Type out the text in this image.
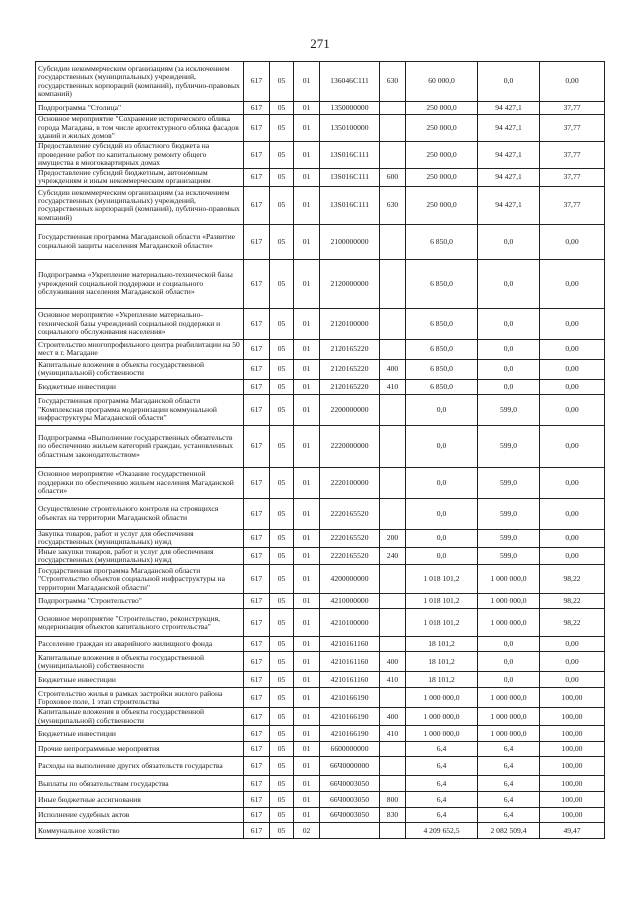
271
Субсидии некоммерческим организациям (за исключением государственных (муниципальных) учреждений, государственных корпораций (компаний), публично-правовых компаний)	617	05	01	136046С111	630	60 000,0	0,0	0,00
Подпрограмма "Столица"	617	05	01	1350000000		250 000,0	94 427,1	37,77
Основное мероприятие "Сохранение исторического облика города Магадана, в том числе архитектурного облика фасадов зданий и жилых домов"	617	05	01	1350100000		250 000,0	94 427,1	37,77
Предоставление субсидий из областного бюджета на проведение работ по капитальному ремонту общего имущества в многоквартирных домах	617	05	01	13S016C111		250 000,0	94 427,1	37,77
Предоставление субсидий бюджетным, автономным учреждениям и иным некоммерческим организациям	617	05	01	13S016C111	600	250 000,0	94 427,1	37,77
Субсидии некоммерческим организациям (за исключением государственных (муниципальных) учреждений, государственных корпораций (компаний), публично-правовых компаний)	617	05	01	13S016C111	630	250 000,0	94 427,1	37,77
Государственная программа Магаданской области «Развитие социальной защиты населения Магаданской области»	617	05	01	2100000000		6 850,0	0,0	0,00
Подпрограмма «Укрепление материально-технической базы учреждений социальной поддержки и социального обслуживания населения Магаданской области»	617	05	01	2120000000		6 850,0	0,0	0,00
Основное мероприятие «Укрепление материально-технической базы учреждений социальной поддержки и социального обслуживания населения»	617	05	01	2120100000		6 850,0	0,0	0,00
Строительство многопрофильного центра реабилитации на 50 мест в г. Магадане	617	05	01	2120165220		6 850,0	0,0	0,00
Капитальные вложения в объекты государственной (муниципальной) собственности	617	05	01	2120165220	400	6 850,0	0,0	0,00
Бюджетные инвестиции	617	05	01	2120165220	410	6 850,0	0,0	0,00
Государственная программа Магаданской области "Комплексная программа модернизации коммунальной инфраструктуры Магаданской области"	617	05	01	2200000000		0,0	599,0	0,00
Подпрограмма «Выполнение государственных обязательств по обеспечению жильем категорий граждан, установленных областным законодательством»	617	05	01	2220000000		0,0	599,0	0,00
Основное мероприятие «Оказание государственной поддержки по обеспечению жильем населения Магаданской области»	617	05	01	2220100000		0,0	599,0	0,00
Осуществление строительного контроля на строящихся объектах на территории Магаданской области	617	05	01	2220165520		0,0	599,0	0,00
Закупка товаров, работ и услуг для обеспечения государственных (муниципальных) нужд	617	05	01	2220165520	200	0,0	599,0	0,00
Иные закупки товаров, работ и услуг для обеспечения государственных (муниципальных) нужд	617	05	01	2220165520	240	0,0	599,0	0,00
Государственная программа Магаданской области "Строительство объектов социальной инфраструктуры на территории Магаданской области"	617	05	01	4200000000		1 018 101,2	1 000 000,0	98,22
Подпрограмма "Строительство"	617	05	01	4210000000		1 018 101,2	1 000 000,0	98,22
Основное мероприятие "Строительство, реконструкция, модернизация объектов капитального строительства"	617	05	01	4210100000		1 018 101,2	1 000 000,0	98,22
Расселение граждан из аварийного жилищного фонда	617	05	01	4210161160		18 101,2	0,0	0,00
Капитальные вложения в объекты государственной (муниципальной) собственности	617	05	01	4210161160	400	18 101,2	0,0	0,00
Бюджетные инвестиции	617	05	01	4210161160	410	18 101,2	0,0	0,00
Строительство жилья в рамках застройки жилого района Гороховое поле, 1 этап строительства	617	05	01	4210166190		1 000 000,0	1 000 000,0	100,00
Капитальные вложения в объекты государственной (муниципальной) собственности	617	05	01	4210166190	400	1 000 000,0	1 000 000,0	100,00
Бюджетные инвестиции	617	05	01	4210166190	410	1 000 000,0	1 000 000,0	100,00
Прочие непрограммные мероприятия	617	05	01	6600000000		6,4	6,4	100,00
Расходы на выполнение других обязательств государства	617	05	01	66Ч0000000		6,4	6,4	100,00
Выплаты по обязательствам государства	617	05	01	66Ч0003050		6,4	6,4	100,00
Иные бюджетные ассигнования	617	05	01	66Ч0003050	800	6,4	6,4	100,00
Исполнение судебных актов	617	05	01	66Ч0003050	830	6,4	6,4	100,00
Коммунальное хозяйство	617	05	02			4 209 652,5	2 082 509,4	49,47
